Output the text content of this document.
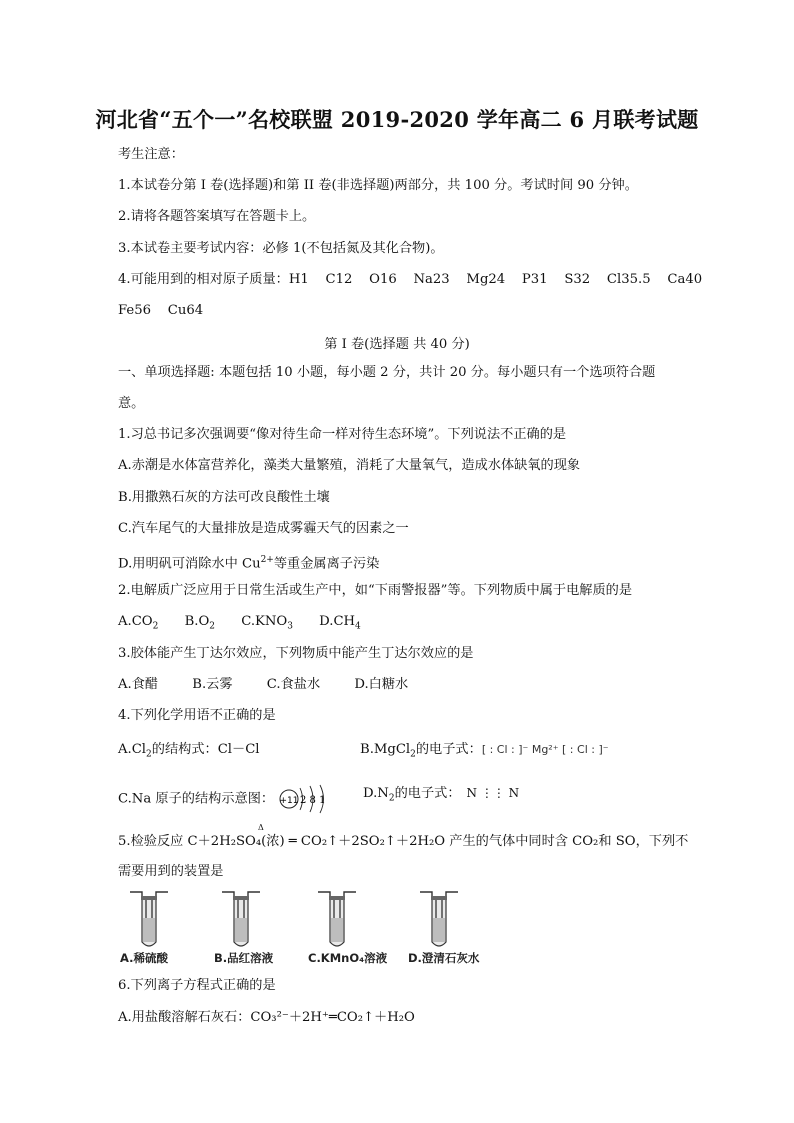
河北省“五个一”名校联盟 2019-2020 学年高二 6 月联考试题
考生注意：
1.本试卷分第 I 卷(选择题)和第 II 卷(非选择题)两部分，共 100 分。考试时间 90 分钟。
2.请将各题答案填写在答题卡上。
3.本试卷主要考试内容：必修 1(不包括氮及其化合物)。
4.可能用到的相对原子质量：H1    C12    O16    Na23    Mg24    P31    S32    Cl35.5    Ca40
Fe56    Cu64
第 I 卷(选择题 共 40 分)
一、单项选择题: 本题包括 10 小题，每小题 2 分，共计 20 分。每小题只有一个选项符合题
意。
1.习总书记多次强调要“像对待生命一样对待生态环境”。下列说法不正确的是
A.赤潮是水体富营养化，藻类大量繁殖，消耗了大量氧气，造成水体缺氧的现象
B.用撒熟石灰的方法可改良酸性土壤
C.汽车尾气的大量排放是造成雾霾天气的因素之一
D.用明矾可消除水中 $Cu^{2+}$等重金属离子污染
2.电解质广泛应用于日常生活或生产中，如“下雨警报器”等。下列物质中属于电解质的是
$A.CO_2$ $B.O_2$ $C.KNO_3$ $D.CH_4$
3.胶体能产生丁达尔效应，下列物质中能产生丁达尔效应的是
A.食醋	B.云雾	C.食盐水	D.白糖水
4.下列化学用语不正确的是
$A.Cl_2$的结构式：Cl－Cl	B.MgCl$_2$的电子式：[ : Cl : ]⁻ Mg²⁺ [ : Cl : ]⁻
C.Na 原子的结构示意图： +11 2 8 1	$D.N_2$的电子式： N ⋮⋮ N
Δ
5.检验反应 C＋2H₂SO₄(浓) ═ CO₂↑＋2SO₂↑＋2H₂O 产生的气体中同时含 CO₂和 SO，下列不
需要用到的装置是
A.稀硫酸	B.品红溶液	C.KMnO₄溶液 D.澄清石灰水
6.下列离子方程式正确的是
A.用盐酸溶解石灰石：CO₃²⁻＋2H⁺═CO₂↑＋H₂O
